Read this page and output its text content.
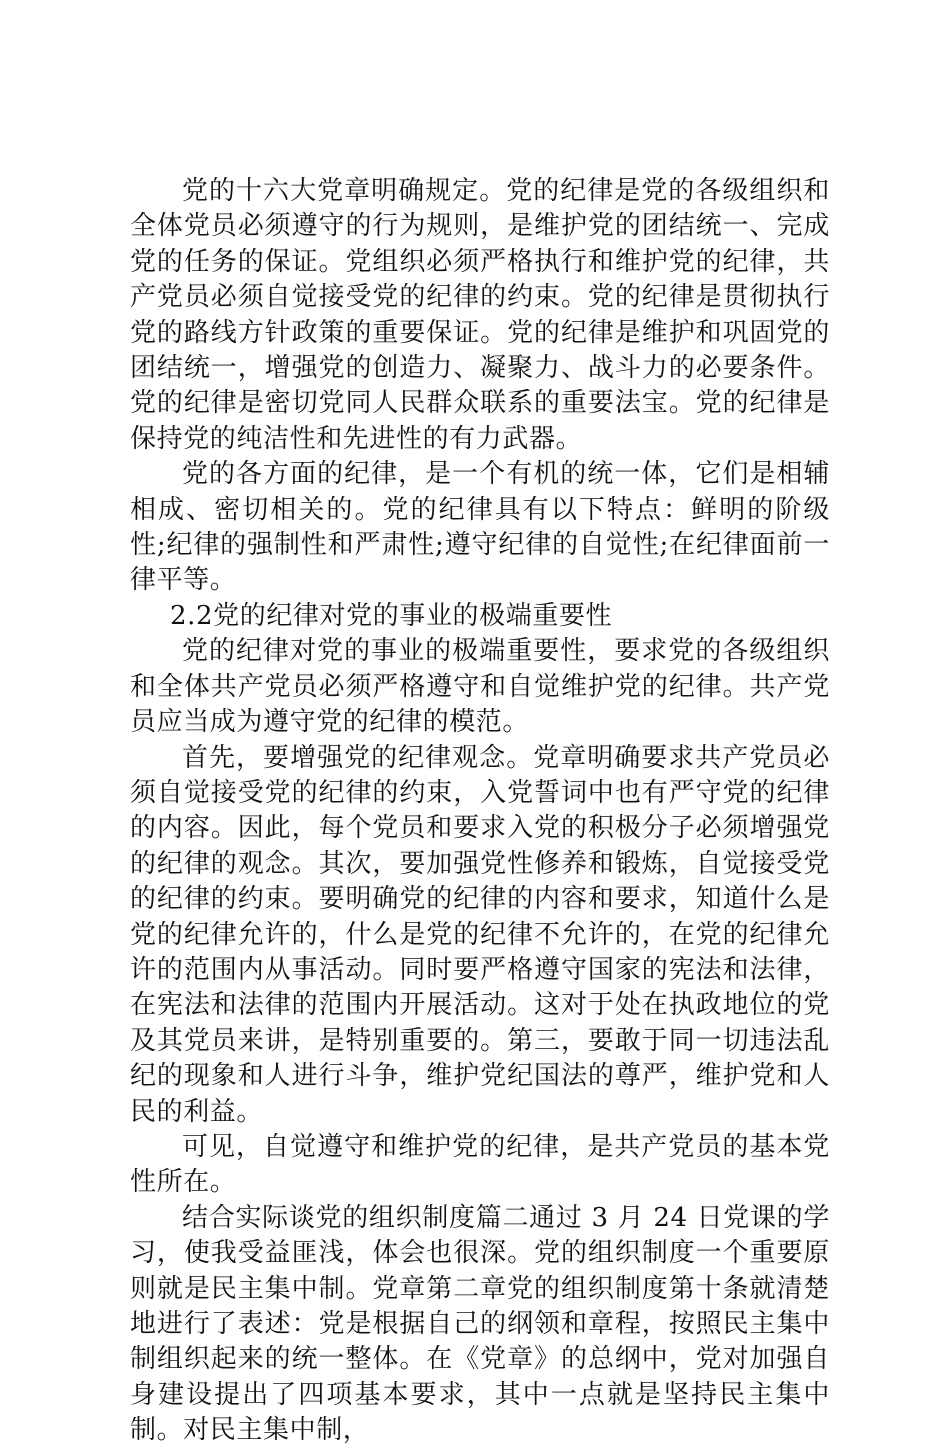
党的十六大党章明确规定。党的纪律是党的各级组织和全体党员必须遵守的行为规则，是维护党的团结统一、完成党的任务的保证。党组织必须严格执行和维护党的纪律，共产党员必须自觉接受党的纪律的约束。党的纪律是贯彻执行党的路线方针政策的重要保证。党的纪律是维护和巩固党的团结统一，增强党的创造力、凝聚力、战斗力的必要条件。党的纪律是密切党同人民群众联系的重要法宝。党的纪律是保持党的纯洁性和先进性的有力武器。

党的各方面的纪律，是一个有机的统一体，它们是相辅相成、密切相关的。党的纪律具有以下特点：鲜明的阶级性;纪律的强制性和严肃性;遵守纪律的自觉性;在纪律面前一律平等。

2.2党的纪律对党的事业的极端重要性

党的纪律对党的事业的极端重要性，要求党的各级组织和全体共产党员必须严格遵守和自觉维护党的纪律。共产党员应当成为遵守党的纪律的模范。

首先，要增强党的纪律观念。党章明确要求共产党员必须自觉接受党的纪律的约束，入党誓词中也有严守党的纪律的内容。因此，每个党员和要求入党的积极分子必须增强党的纪律的观念。其次，要加强党性修养和锻炼，自觉接受党的纪律的约束。要明确党的纪律的内容和要求，知道什么是党的纪律允许的，什么是党的纪律不允许的，在党的纪律允许的范围内从事活动。同时要严格遵守国家的宪法和法律，在宪法和法律的范围内开展活动。这对于处在执政地位的党及其党员来讲，是特别重要的。第三，要敢于同一切违法乱纪的现象和人进行斗争，维护党纪国法的尊严，维护党和人民的利益。

可见，自觉遵守和维护党的纪律，是共产党员的基本党性所在。

结合实际谈党的组织制度篇二通过 3 月 24 日党课的学习，使我受益匪浅，体会也很深。党的组织制度一个重要原则就是民主集中制。党章第二章党的组织制度第十条就清楚地进行了表述：党是根据自己的纲领和章程，按照民主集中制组织起来的统一整体。在《党章》的总纲中，党对加强自身建设提出了四项基本要求，其中一点就是坚持民主集中制。对民主集中制，
